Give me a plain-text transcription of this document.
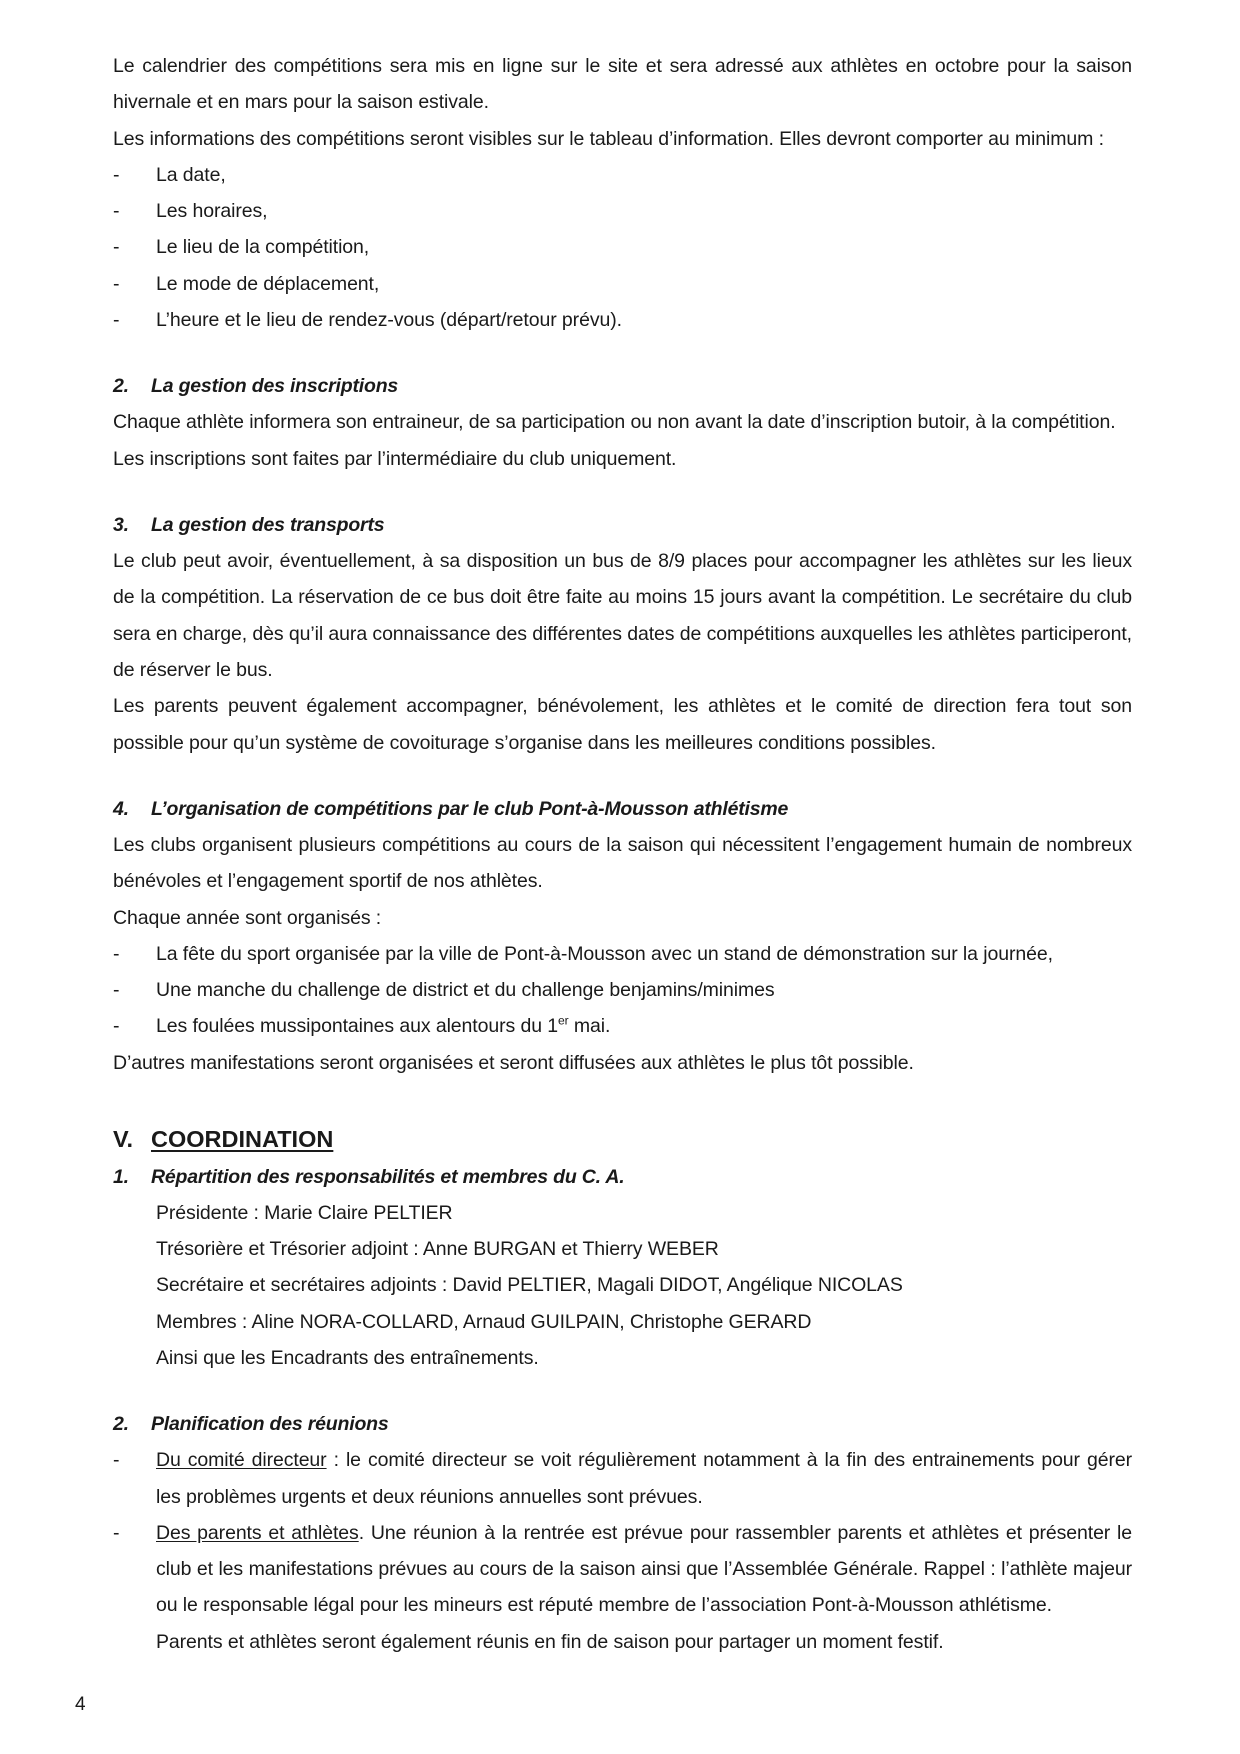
Le calendrier des compétitions sera mis en ligne sur le site et sera adressé aux athlètes en octobre pour la saison hivernale et en mars pour la saison estivale.

Les informations des compétitions seront visibles sur le tableau d’information. Elles devront comporter au minimum :

- La date,
- Les horaires,
- Le lieu de la compétition,
- Le mode de déplacement,
- L’heure et le lieu de rendez-vous (départ/retour prévu).

2. La gestion des inscriptions

Chaque athlète informera son entraineur, de sa participation ou non avant la date d’inscription butoir, à la compétition.

Les inscriptions sont faites par l’intermédiaire du club uniquement.

3. La gestion des transports

Le club peut avoir, éventuellement, à sa disposition un bus de 8/9 places pour accompagner les athlètes sur les lieux de la compétition. La réservation de ce bus doit être faite au moins 15 jours avant la compétition. Le secrétaire du club sera en charge, dès qu’il aura connaissance des différentes dates de compétitions auxquelles les athlètes participeront, de réserver le bus.

Les parents peuvent également accompagner, bénévolement, les athlètes et le comité de direction fera tout son possible pour qu’un système de covoiturage s’organise dans les meilleures conditions possibles.

4. L’organisation de compétitions par le club Pont-à-Mousson athlétisme

Les clubs organisent plusieurs compétitions au cours de la saison qui nécessitent l’engagement humain de nombreux bénévoles et l’engagement sportif de nos athlètes.

Chaque année sont organisés :

- La fête du sport organisée par la ville de Pont-à-Mousson avec un stand de démonstration sur la journée,
- Une manche du challenge de district et du challenge benjamins/minimes
- Les foulées mussipontaines aux alentours du 1er mai.

D’autres manifestations seront organisées et seront diffusées aux athlètes le plus tôt possible.

V. COORDINATION

1. Répartition des responsabilités et membres du C. A.

Présidente : Marie Claire PELTIER

Trésorière et Trésorier adjoint : Anne BURGAN et Thierry WEBER

Secrétaire et secrétaires adjoints : David PELTIER, Magali DIDOT, Angélique NICOLAS

Membres : Aline NORA-COLLARD, Arnaud GUILPAIN, Christophe GERARD

Ainsi que les Encadrants des entraînements.

2. Planification des réunions

- Du comité directeur : le comité directeur se voit régulièrement notamment à la fin des entrainements pour gérer les problèmes urgents et deux réunions annuelles sont prévues.
- Des parents et athlètes. Une réunion à la rentrée est prévue pour rassembler parents et athlètes et présenter le club et les manifestations prévues au cours de la saison ainsi que l’Assemblée Générale. Rappel : l’athlète majeur ou le responsable légal pour les mineurs est réputé membre de l’association Pont-à-Mousson athlétisme.

Parents et athlètes seront également réunis en fin de saison pour partager un moment festif.

4
